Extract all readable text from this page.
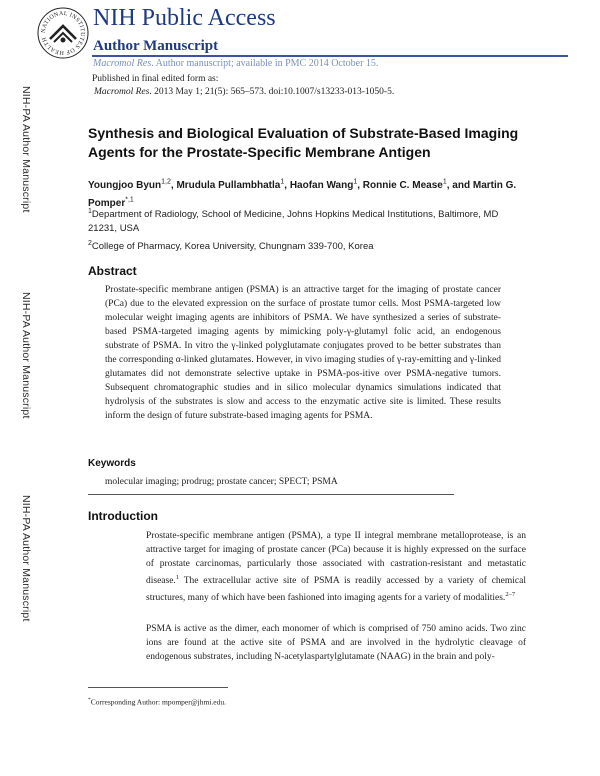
NIH-PA Author Manuscript
NIH-PA Author Manuscript
NIH-PA Author Manuscript
NATIONAL INSTITUTES OF HEALTH
NIH Public Access
Author Manuscript
Macromol Res. Author manuscript; available in PMC 2014 October 15.
Published in final edited form as:
Macromol Res. 2013 May 1; 21(5): 565–573. doi:10.1007/s13233-013-1050-5.
Synthesis and Biological Evaluation of Substrate-Based Imaging Agents for the Prostate-Specific Membrane Antigen
Youngjoo Byun$^{1,2}$, Mrudula Pullambhatla$^1$, Haofan Wang$^1$, Ronnie C. Mease$^1$, and Martin G. Pomper$^{*,1}$
$^1$Department of Radiology, School of Medicine, Johns Hopkins Medical Institutions, Baltimore, MD 21231, USA
$^2$College of Pharmacy, Korea University, Chungnam 339-700, Korea
Abstract
Prostate-specific membrane antigen (PSMA) is an attractive target for the imaging of prostate cancer (PCa) due to the elevated expression on the surface of prostate tumor cells. Most PSMA-targeted low molecular weight imaging agents are inhibitors of PSMA. We have synthesized a series of substrate-based PSMA-targeted imaging agents by mimicking poly-γ-glutamyl folic acid, an endogenous substrate of PSMA. In vitro the γ-linked polyglutamate conjugates proved to be better substrates than the corresponding α-linked glutamates. However, in vivo imaging studies of γ-ray-emitting and γ-linked glutamates did not demonstrate selective uptake in PSMA-pos-itive over PSMA-negative tumors. Subsequent chromatographic studies and in silico molecular dynamics simulations indicated that hydrolysis of the substrates is slow and access to the enzymatic active site is limited. These results inform the design of future substrate-based imaging agents for PSMA.
Keywords
molecular imaging; prodrug; prostate cancer; SPECT; PSMA
Introduction
Prostate-specific membrane antigen (PSMA), a type II integral membrane metalloprotease, is an attractive target for imaging of prostate cancer (PCa) because it is highly expressed on the surface of prostate carcinomas, particularly those associated with castration-resistant and metastatic disease.$^1$ The extracellular active site of PSMA is readily accessed by a variety of chemical structures, many of which have been fashioned into imaging agents for a variety of modalities.$^{2-7}$
PSMA is active as the dimer, each monomer of which is comprised of 750 amino acids. Two zinc ions are found at the active site of PSMA and are involved in the hydrolytic cleavage of endogenous substrates, including N-acetylaspartylglutamate (NAAG) in the brain and poly-
*Corresponding Author: mpomper@jhmi.edu.
